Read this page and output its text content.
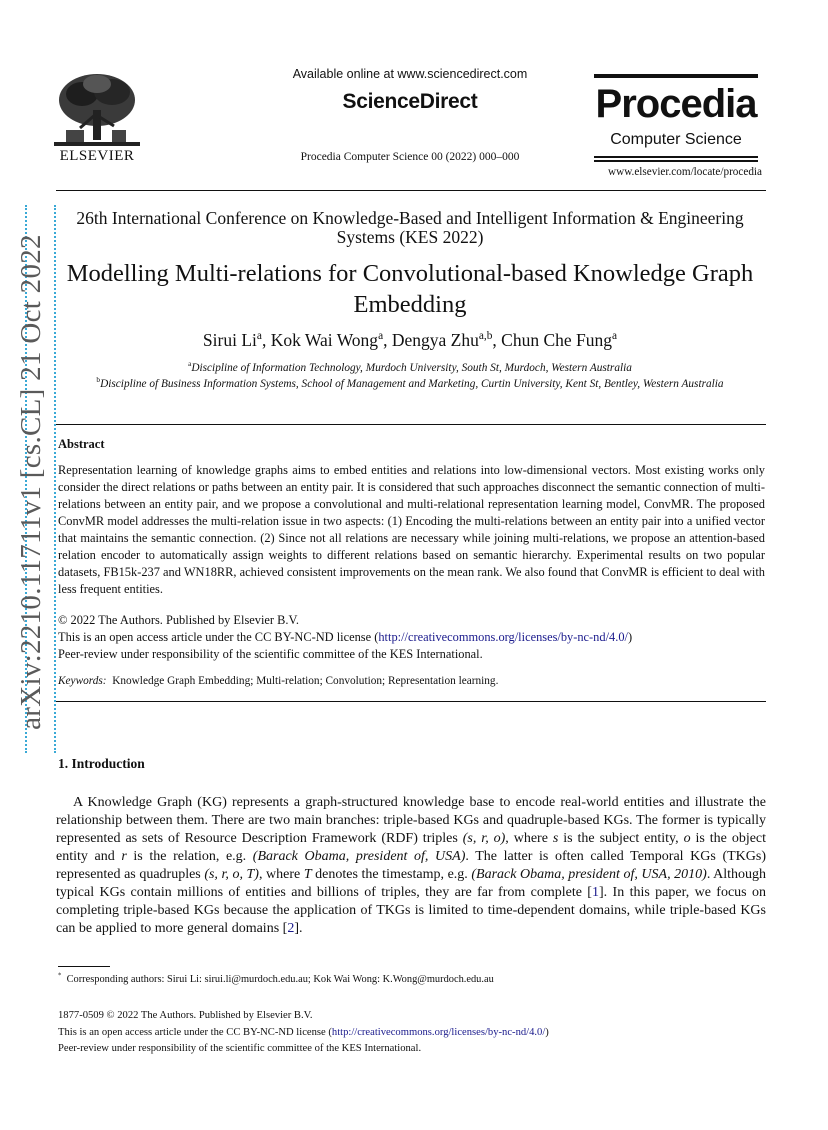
ELSEVIER
Available online at www.sciencedirect.com
ScienceDirect
Procedia Computer Science 00 (2022) 000–000
Procedia
Computer Science
www.elsevier.com/locate/procedia
arXiv:2210.11711v1 [cs.CL] 21 Oct 2022
26th International Conference on Knowledge-Based and Intelligent Information & Engineering Systems (KES 2022)
Modelling Multi-relations for Convolutional-based Knowledge Graph Embedding
Sirui Li$^a$, Kok Wai Wong$^a$, Dengya Zhu$^{a,b}$, Chun Che Fung$^a$
$^a$Discipline of Information Technology, Murdoch University, South St, Murdoch, Western Australia
$^b$Discipline of Business Information Systems, School of Management and Marketing, Curtin University, Kent St, Bentley, Western Australia
Abstract
Representation learning of knowledge graphs aims to embed entities and relations into low-dimensional vectors. Most existing works only consider the direct relations or paths between an entity pair. It is considered that such approaches disconnect the semantic connection of multi-relations between an entity pair, and we propose a convolutional and multi-relational representation learning model, ConvMR. The proposed ConvMR model addresses the multi-relation issue in two aspects: (1) Encoding the multi-relations between an entity pair into a unified vector that maintains the semantic connection. (2) Since not all relations are necessary while joining multi-relations, we propose an attention-based relation encoder to automatically assign weights to different relations based on semantic hierarchy. Experimental results on two popular datasets, FB15k-237 and WN18RR, achieved consistent improvements on the mean rank. We also found that ConvMR is efficient to deal with less frequent entities.
© 2022 The Authors. Published by Elsevier B.V.
This is an open access article under the CC BY-NC-ND license (http://creativecommons.org/licenses/by-nc-nd/4.0/)
Peer-review under responsibility of the scientific committee of the KES International.
Keywords: Knowledge Graph Embedding; Multi-relation; Convolution; Representation learning.
1. Introduction
A Knowledge Graph (KG) represents a graph-structured knowledge base to encode real-world entities and illustrate the relationship between them. There are two main branches: triple-based KGs and quadruple-based KGs. The former is typically represented as sets of Resource Description Framework (RDF) triples (s, r, o), where s is the subject entity, o is the object entity and r is the relation, e.g. (Barack Obama, president of, USA). The latter is often called Temporal KGs (TKGs) represented as quadruples (s, r, o, T), where T denotes the timestamp, e.g. (Barack Obama, president of, USA, 2010). Although typical KGs contain millions of entities and billions of triples, they are far from complete [1]. In this paper, we focus on completing triple-based KGs because the application of TKGs is limited to time-dependent domains, while triple-based KGs can be applied to more general domains [2].
* Corresponding authors: Sirui Li: sirui.li@murdoch.edu.au; Kok Wai Wong: K.Wong@murdoch.edu.au
1877-0509 © 2022 The Authors. Published by Elsevier B.V.
This is an open access article under the CC BY-NC-ND license (http://creativecommons.org/licenses/by-nc-nd/4.0/)
Peer-review under responsibility of the scientific committee of the KES International.
